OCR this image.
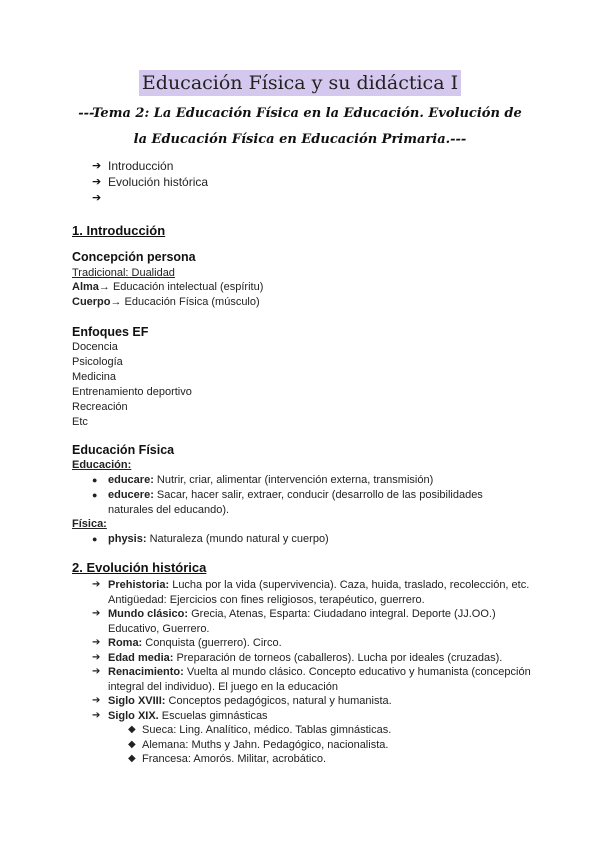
Educación Física y su didáctica I
---Tema 2: La Educación Física en la Educación. Evolución de la Educación Física en Educación Primaria.---
➔ Introducción
➔ Evolución histórica
➔
1. Introducción
Concepción persona
Tradicional: Dualidad
Alma→ Educación intelectual (espíritu)
Cuerpo→ Educación Física (músculo)
Enfoques EF
Docencia
Psicología
Medicina
Entrenamiento deportivo
Recreación
Etc
Educación Física
Educación:
● educare: Nutrir, criar, alimentar (intervención externa, transmisión)
● educere: Sacar, hacer salir, extraer, conducir (desarrollo de las posibilidades naturales del educando).
Física:
● physis: Naturaleza (mundo natural y cuerpo)
2. Evolución histórica
➔ Prehistoria: Lucha por la vida (supervivencia). Caza, huida, traslado, recolección, etc. Antigüedad: Ejercicios con fines religiosos, terapéutico, guerrero.
➔ Mundo clásico: Grecia, Atenas, Esparta: Ciudadano integral. Deporte (JJ.OO.) Educativo, Guerrero.
➔ Roma: Conquista (guerrero). Circo.
➔ Edad media: Preparación de torneos (caballeros). Lucha por ideales (cruzadas).
➔ Renacimiento: Vuelta al mundo clásico. Concepto educativo y humanista (concepción integral del individuo). El juego en la educación
➔ Siglo XVIII: Conceptos pedagógicos, natural y humanista.
➔ Siglo XIX. Escuelas gimnásticas
◆ Sueca: Ling. Analítico, médico. Tablas gimnásticas.
◆ Alemana: Muths y Jahn. Pedagógico, nacionalista.
◆ Francesa: Amorós. Militar, acrobático.
